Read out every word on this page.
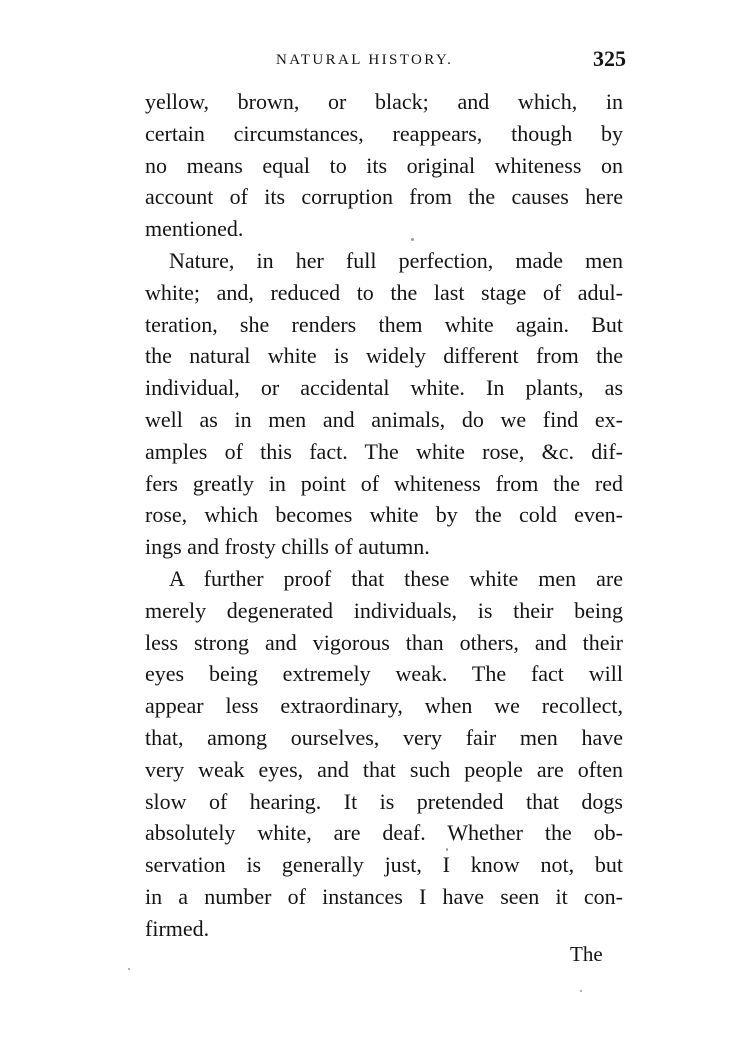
NATURAL HISTORY.	325
yellow, brown, or black; and which, in
certain circumstances, reappears, though by
no means equal to its original whiteness on
account of its corruption from the causes here
mentioned.
Nature, in her full perfection, made men
white; and, reduced to the last stage of adul-
teration, she renders them white again. But
the natural white is widely different from the
individual, or accidental white. In plants, as
well as in men and animals, do we find ex-
amples of this fact. The white rose, &c. dif-
fers greatly in point of whiteness from the red
rose, which becomes white by the cold even-
ings and frosty chills of autumn.
A further proof that these white men are
merely degenerated individuals, is their being
less strong and vigorous than others, and their
eyes being extremely weak. The fact will
appear less extraordinary, when we recollect,
that, among ourselves, very fair men have
very weak eyes, and that such people are often
slow of hearing. It is pretended that dogs
absolutely white, are deaf. Whether the ob-
servation is generally just, I know not, but
in a number of instances I have seen it con-
firmed.
The
